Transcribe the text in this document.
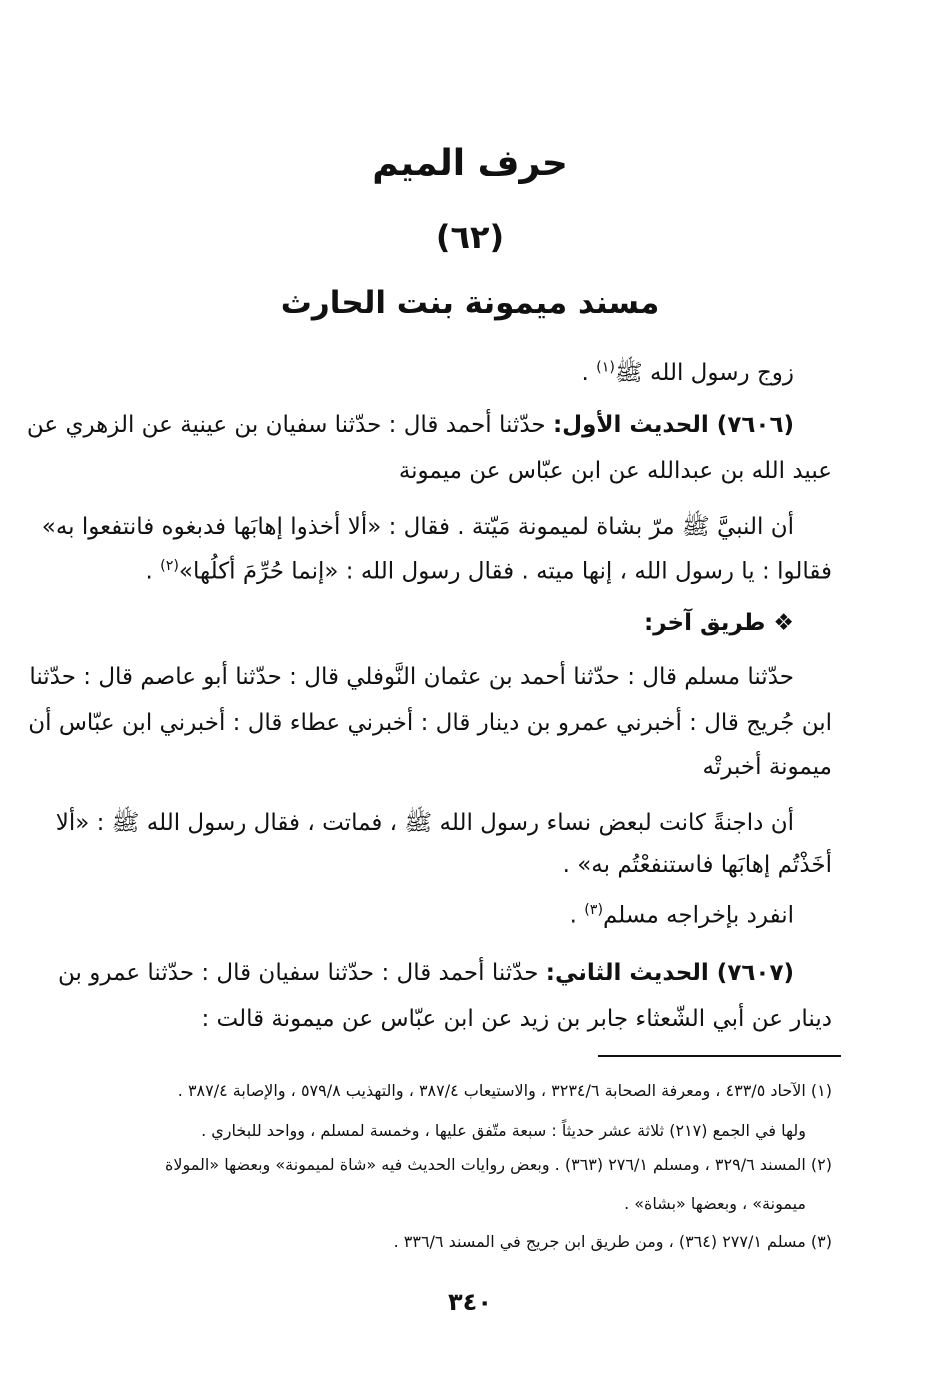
حرف الميم
(٦٢)
مسند ميمونة بنت الحارث
زوج رسول الله ﷺ$^{(١)}$ .
(٧٦٠٦) الحديث الأول: حدّثنا أحمد قال : حدّثنا سفيان بن عينية عن الزهري عن
عبيد الله بن عبدالله عن ابن عبّاس عن ميمونة
أن النبيَّ ﷺ مرّ بشاة لميمونة مَيّتة . فقال : «ألا أخذوا إهابَها فدبغوه فانتفعوا به»
فقالوا : يا رسول الله ، إنها ميته . فقال رسول الله : «إنما حُرِّمَ أكلُها»$^{(٢)}$ .
❖ طريق آخر:
حدّثنا مسلم قال : حدّثنا أحمد بن عثمان النَّوفلي قال : حدّثنا أبو عاصم قال : حدّثنا
ابن جُريج قال : أخبرني عمرو بن دينار قال : أخبرني عطاء قال : أخبرني ابن عبّاس أن
ميمونة أخبرتْه
أن داجنةً كانت لبعض نساء رسول الله ﷺ ، فماتت ، فقال رسول الله ﷺ : «ألا
أخَذْتُم إهابَها فاستنفعْتُم به» .
انفرد بإخراجه مسلم$^{(٣)}$ .
(٧٦٠٧) الحديث الثاني: حدّثنا أحمد قال : حدّثنا سفيان قال : حدّثنا عمرو بن
دينار عن أبي الشّعثاء جابر بن زيد عن ابن عبّاس عن ميمونة قالت :
(١) الآحاد ٤٣٣/٥ ، ومعرفة الصحابة ٣٢٣٤/٦ ، والاستيعاب ٣٨٧/٤ ، والتهذيب ٥٧٩/٨ ، والإصابة ٣٨٧/٤ .
ولها في الجمع (٢١٧) ثلاثة عشر حديثاً : سبعة متّفق عليها ، وخمسة لمسلم ، وواحد للبخاري .
(٢) المسند ٣٢٩/٦ ، ومسلم ٢٧٦/١ (٣٦٣) . وبعض روايات الحديث فيه «شاة لميمونة» وبعضها «المولاة
ميمونة» ، وبعضها «بشاة» .
(٣) مسلم ٢٧٧/١ (٣٦٤) ، ومن طريق ابن جريج في المسند ٣٣٦/٦ .
٣٤٠
